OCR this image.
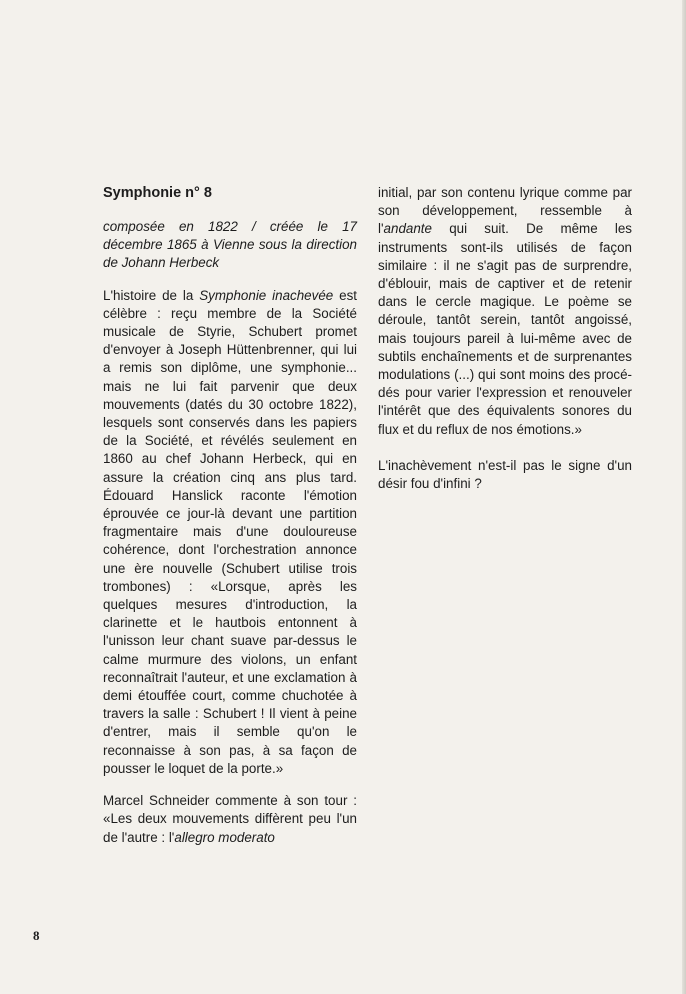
Symphonie n° 8
composée en 1822 / créée le 17 décembre 1865 à Vienne sous la direction de Johann Herbeck

L'histoire de la Symphonie inachevée est célèbre : reçu membre de la Société musicale de Styrie, Schubert promet d'envoyer à Joseph Hüttenbrenner, qui lui a remis son diplôme, une symphonie... mais ne lui fait parvenir que deux mouvements (datés du 30 octobre 1822), lesquels sont conservés dans les papiers de la Société, et révélés seulement en 1860 au chef Johann Herbeck, qui en assure la création cinq ans plus tard. Édouard Hanslick raconte l'émotion éprouvée ce jour-là devant une partition fragmentaire mais d'une douloureuse cohérence, dont l'orchestration annonce une ère nouvelle (Schubert utilise trois trombones) : «Lorsque, après les quelques mesures d'introduction, la clarinette et le hautbois entonnent à l'unisson leur chant suave par-dessus le calme murmure des violons, un enfant reconnaîtrait l'auteur, et une exclamation à demi étouffée court, comme chuchotée à travers la salle : Schubert ! Il vient à peine d'entrer, mais il semble qu'on le reconnaisse à son pas, à sa façon de pousser le loquet de la porte.»

Marcel Schneider commente à son tour : «Les deux mouvements diffèrent peu l'un de l'autre : l'allegro moderato

initial, par son contenu lyrique comme par son développement, ressemble à l'andante qui suit. De même les instruments sont-ils utilisés de façon similaire : il ne s'agit pas de surprendre, d'éblouir, mais de captiver et de retenir dans le cercle magique. Le poème se déroule, tantôt serein, tantôt angoissé, mais toujours pareil à lui-même avec de subtils enchaînements et de surprenantes modulations (...) qui sont moins des procédés pour varier l'expression et renouveler l'intérêt que des équivalents sonores du flux et du reflux de nos émotions.»

L'inachèvement n'est-il pas le signe d'un désir fou d'infini ?

8
